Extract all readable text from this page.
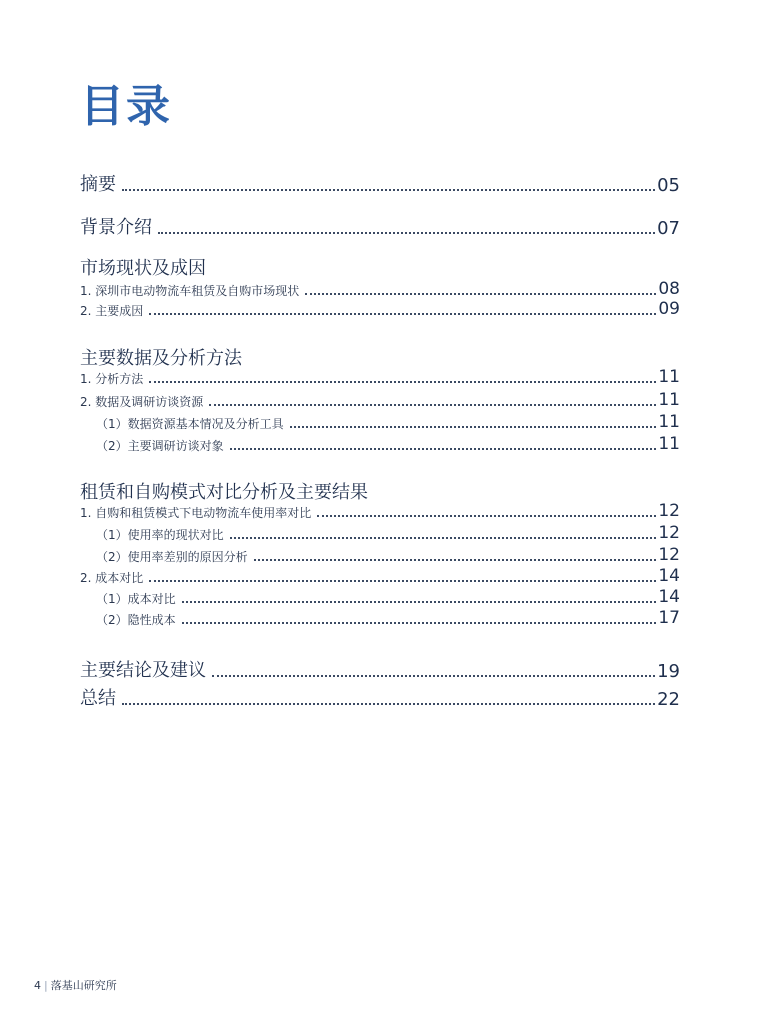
目录
摘要	05
背景介绍	07
市场现状及成因
1. 深圳市电动物流车租赁及自购市场现状	08
2. 主要成因	09
主要数据及分析方法
1. 分析方法	11
2. 数据及调研访谈资源	11
（1）数据资源基本情况及分析工具	11
（2）主要调研访谈对象	11
租赁和自购模式对比分析及主要结果
1. 自购和租赁模式下电动物流车使用率对比	12
（1）使用率的现状对比	12
（2）使用率差别的原因分析	12
2. 成本对比	14
（1）成本对比	14
（2）隐性成本	17
主要结论及建议	19
总结	22
4 | 落基山研究所
